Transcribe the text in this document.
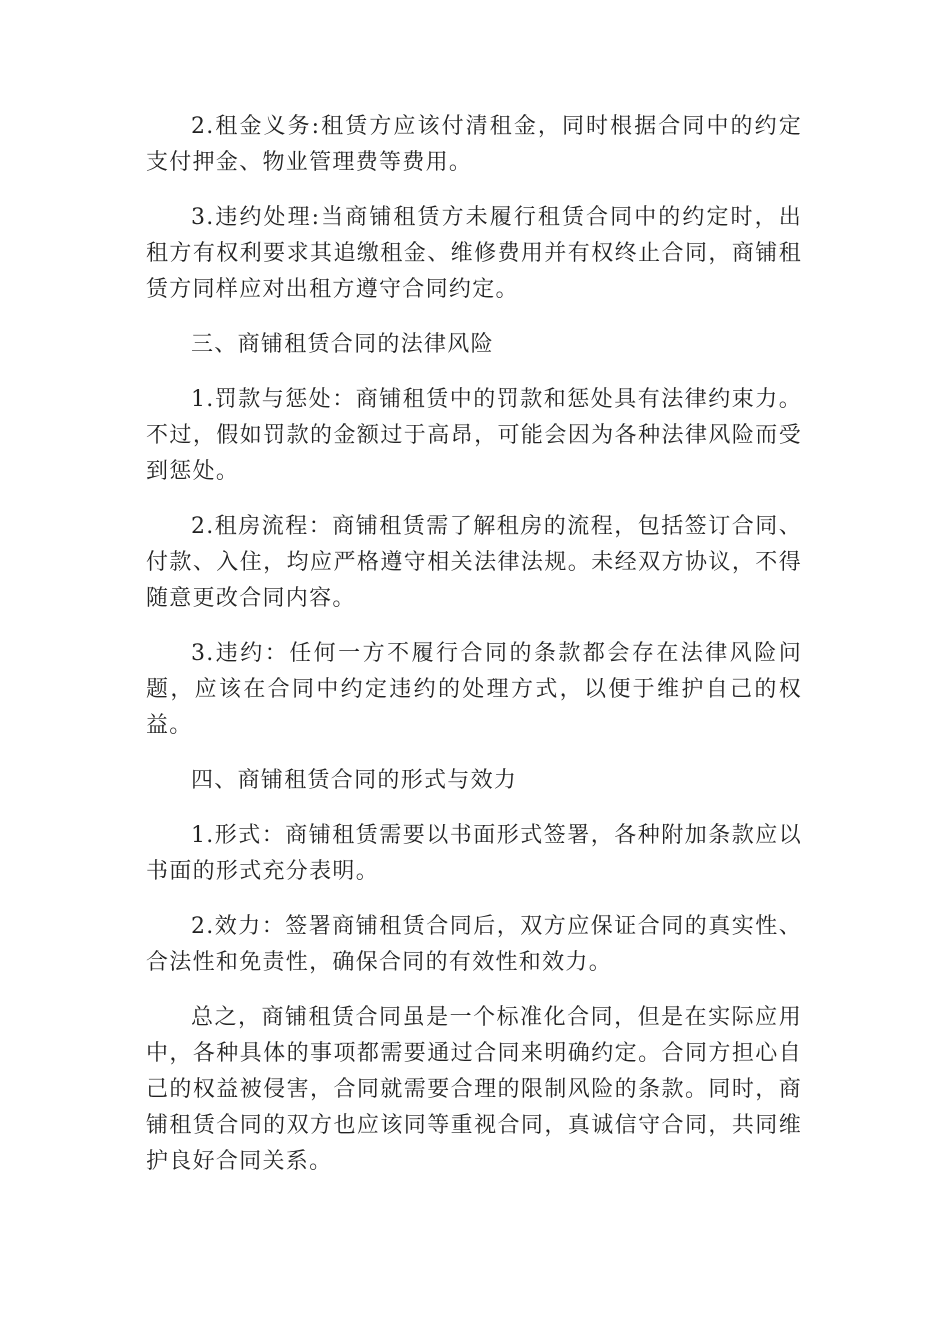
2.租金义务:租赁方应该付清租金，同时根据合同中的约定支付押金、物业管理费等费用。

3.违约处理:当商铺租赁方未履行租赁合同中的约定时，出租方有权利要求其追缴租金、维修费用并有权终止合同，商铺租赁方同样应对出租方遵守合同约定。

三、商铺租赁合同的法律风险

1.罚款与惩处：商铺租赁中的罚款和惩处具有法律约束力。不过，假如罚款的金额过于高昂，可能会因为各种法律风险而受到惩处。

2.租房流程：商铺租赁需了解租房的流程，包括签订合同、付款、入住，均应严格遵守相关法律法规。未经双方协议，不得随意更改合同内容。

3.违约：任何一方不履行合同的条款都会存在法律风险问题，应该在合同中约定违约的处理方式，以便于维护自己的权益。

四、商铺租赁合同的形式与效力

1.形式：商铺租赁需要以书面形式签署，各种附加条款应以书面的形式充分表明。

2.效力：签署商铺租赁合同后，双方应保证合同的真实性、合法性和免责性，确保合同的有效性和效力。

总之，商铺租赁合同虽是一个标准化合同，但是在实际应用中，各种具体的事项都需要通过合同来明确约定。合同方担心自己的权益被侵害，合同就需要合理的限制风险的条款。同时，商铺租赁合同的双方也应该同等重视合同，真诚信守合同，共同维护良好合同关系。
